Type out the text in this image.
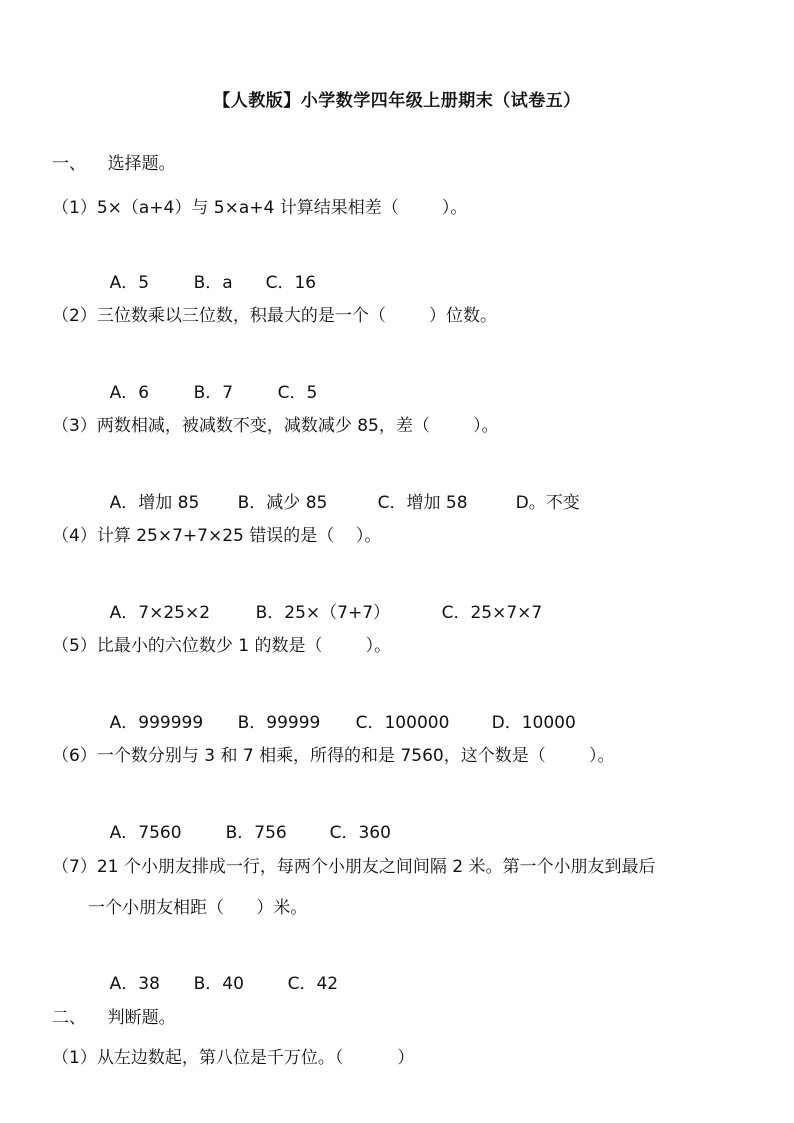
【人教版】小学数学四年级上册期末（试卷五）
一、    选择题。
（1）5×（a+4）与 5×a+4 计算结果相差（        ）。

A．5	B．a C．16

（2）三位数乘以三位数，积最大的是一个（        ）位数。

A．6	B．7	C．5

（3）两数相减，被减数不变，减数减少 85，差（        ）。

A．增加 85 B．减少 85	C．增加 58	D。不变

（4）计算 25×7+7×25 错误的是（    ）。

A．7×25×2	B．25×（7+7）	C．25×7×7

（5）比最小的六位数少 1 的数是（        ）。

A．999999 B．99999 C．100000 D．10000

（6）一个数分别与 3 和 7 相乘，所得的和是 7560，这个数是（        ）。

A．7560	B．756	C．360

（7）21 个小朋友排成一行，每两个小朋友之间间隔 2 米。第一个小朋友到最后
一个小朋友相距（      ）米。

A．38 B．40	C．42

二、    判断题。
（1）从左边数起，第八位是千万位。（          ）
